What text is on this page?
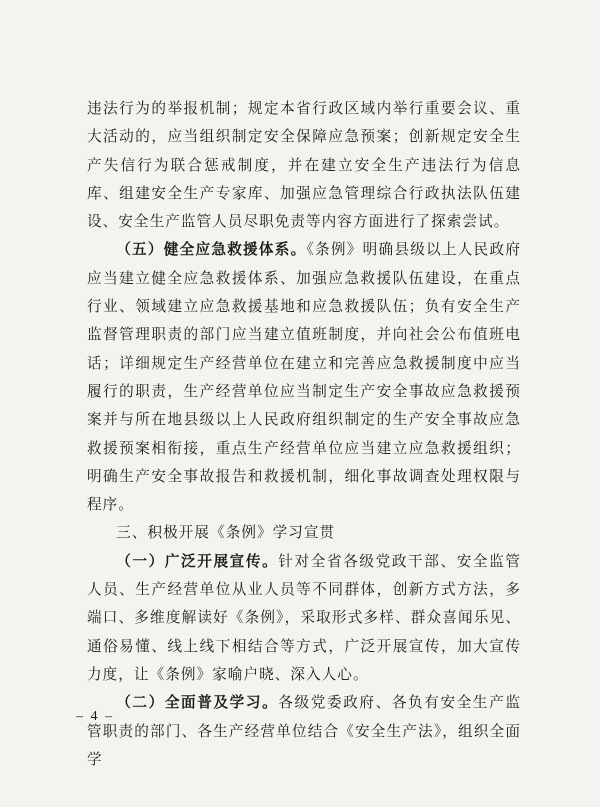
违法行为的举报机制；规定本省行政区域内举行重要会议、重大活动的，应当组织制定安全保障应急预案；创新规定安全生产失信行为联合惩戒制度，并在建立安全生产违法行为信息库、组建安全生产专家库、加强应急管理综合行政执法队伍建设、安全生产监管人员尽职免责等内容方面进行了探索尝试。

（五）健全应急救援体系。《条例》明确县级以上人民政府应当建立健全应急救援体系、加强应急救援队伍建设，在重点行业、领域建立应急救援基地和应急救援队伍；负有安全生产监督管理职责的部门应当建立值班制度，并向社会公布值班电话；详细规定生产经营单位在建立和完善应急救援制度中应当履行的职责，生产经营单位应当制定生产安全事故应急救援预案并与所在地县级以上人民政府组织制定的生产安全事故应急救援预案相衔接，重点生产经营单位应当建立应急救援组织；明确生产安全事故报告和救援机制，细化事故调查处理权限与程序。

三、积极开展《条例》学习宣贯

（一）广泛开展宣传。针对全省各级党政干部、安全监管人员、生产经营单位从业人员等不同群体，创新方式方法，多端口、多维度解读好《条例》，采取形式多样、群众喜闻乐见、通俗易懂、线上线下相结合等方式，广泛开展宣传，加大宣传力度，让《条例》家喻户晓、深入人心。

（二）全面普及学习。各级党委政府、各负有安全生产监管职责的部门、各生产经营单位结合《安全生产法》，组织全面学

– 4 –
